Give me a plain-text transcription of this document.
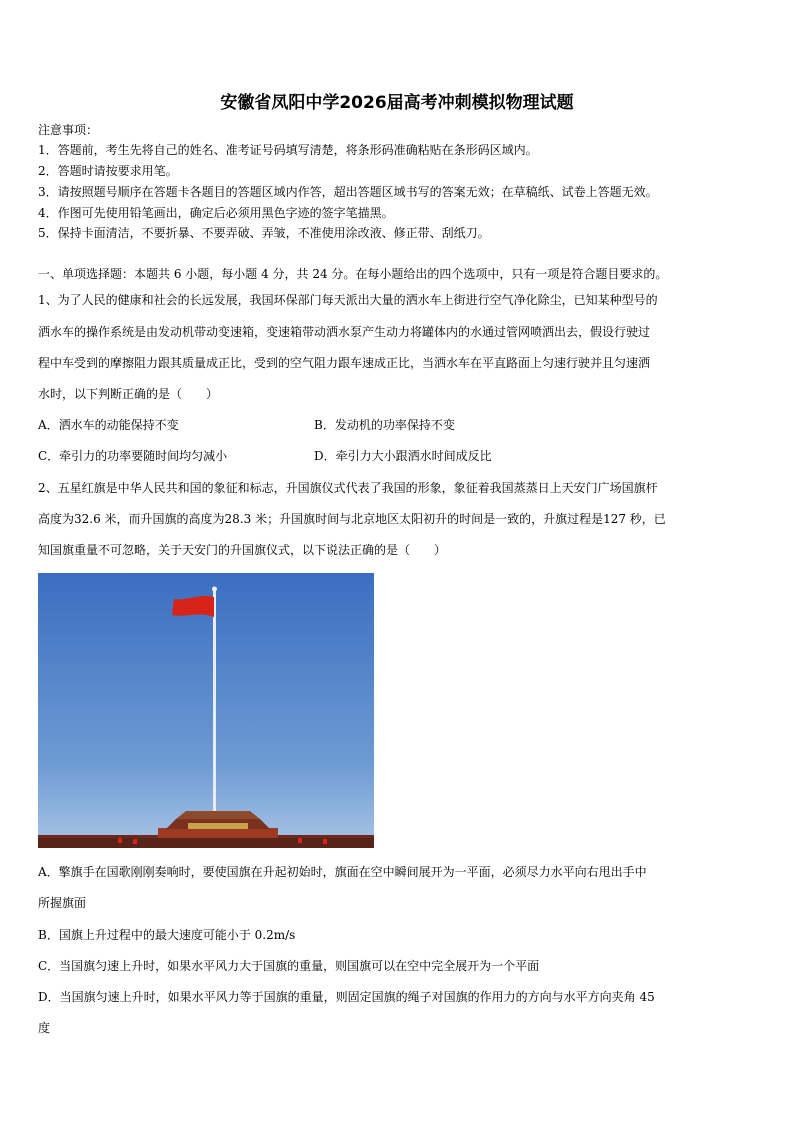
安徽省凤阳中学2026届高考冲刺模拟物理试题
注意事项：
1．答题前，考生先将自己的姓名、准考证号码填写清楚，将条形码准确粘贴在条形码区域内。
2．答题时请按要求用笔。
3．请按照题号顺序在答题卡各题目的答题区域内作答，超出答题区域书写的答案无效；在草稿纸、试卷上答题无效。
4．作图可先使用铅笔画出，确定后必须用黑色字迹的签字笔描黑。
5．保持卡面清洁，不要折暴、不要弄破、弄皱，不准使用涂改液、修正带、刮纸刀。
一、单项选择题：本题共 6 小题，每小题 4 分，共 24 分。在每小题给出的四个选项中，只有一项是符合题目要求的。
1、为了人民的健康和社会的长远发展，我国环保部门每天派出大量的洒水车上街进行空气净化除尘，已知某种型号的
洒水车的操作系统是由发动机带动变速箱，变速箱带动洒水泵产生动力将罐体内的水通过管网喷洒出去，假设行驶过
程中车受到的摩擦阻力跟其质量成正比，受到的空气阻力跟车速成正比，当洒水车在平直路面上匀速行驶并且匀速洒
水时，以下判断正确的是（　　）
A．洒水车的动能保持不变	B．发动机的功率保持不变
C．牵引力的功率要随时间均匀减小	D．牵引力大小跟洒水时间成反比
2、五星红旗是中华人民共和国的象征和标志，升国旗仪式代表了我国的形象，象征着我国蒸蒸日上天安门广场国旗杆
高度为32.6 米，而升国旗的高度为28.3 米；升国旗时间与北京地区太阳初升的时间是一致的，升旗过程是127 秒，已
知国旗重量不可忽略，关于天安门的升国旗仪式，以下说法正确的是（　　）
A．擎旗手在国歌刚刚奏响时，要使国旗在升起初始时，旗面在空中瞬间展开为一平面，必须尽力水平向右甩出手中
所握旗面
B．国旗上升过程中的最大速度可能小于 0.2m/s
C．当国旗匀速上升时，如果水平风力大于国旗的重量，则国旗可以在空中完全展开为一个平面
D．当国旗匀速上升时，如果水平风力等于国旗的重量，则固定国旗的绳子对国旗的作用力的方向与水平方向夹角 45
度
